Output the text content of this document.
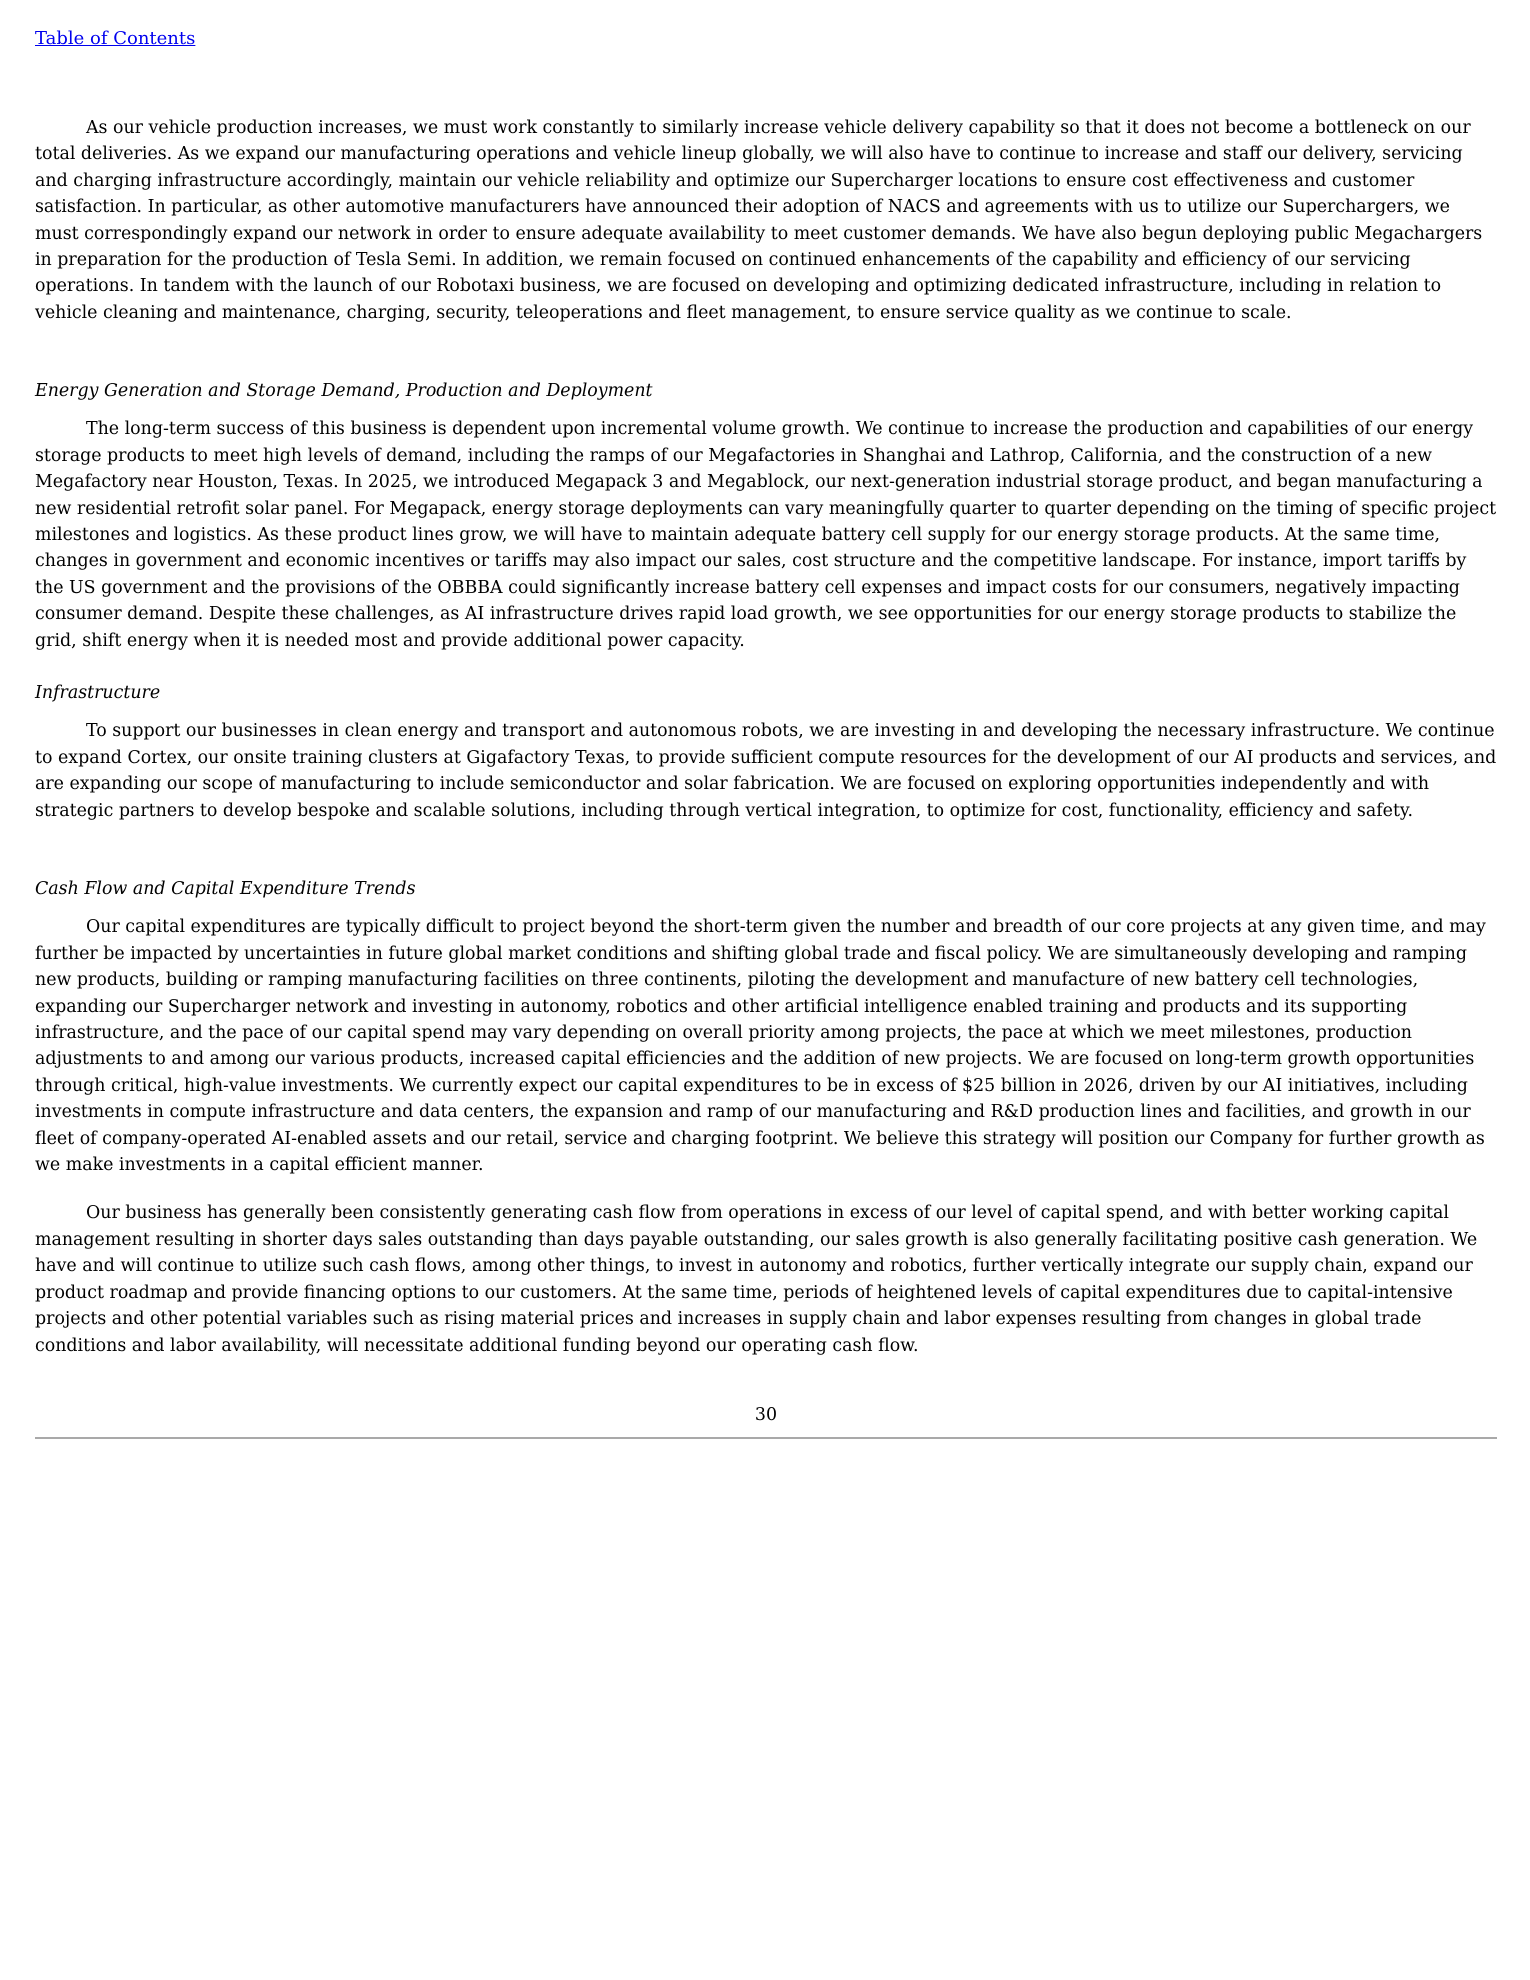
Table of Contents

As our vehicle production increases, we must work constantly to similarly increase vehicle delivery capability so that it does not become a bottleneck on our total deliveries. As we expand our manufacturing operations and vehicle lineup globally, we will also have to continue to increase and staff our delivery, servicing and charging infrastructure accordingly, maintain our vehicle reliability and optimize our Supercharger locations to ensure cost effectiveness and customer satisfaction. In particular, as other automotive manufacturers have announced their adoption of NACS and agreements with us to utilize our Superchargers, we must correspondingly expand our network in order to ensure adequate availability to meet customer demands. We have also begun deploying public Megachargers in preparation for the production of Tesla Semi. In addition, we remain focused on continued enhancements of the capability and efficiency of our servicing operations. In tandem with the launch of our Robotaxi business, we are focused on developing and optimizing dedicated infrastructure, including in relation to vehicle cleaning and maintenance, charging, security, teleoperations and fleet management, to ensure service quality as we continue to scale.

Energy Generation and Storage Demand, Production and Deployment

The long-term success of this business is dependent upon incremental volume growth. We continue to increase the production and capabilities of our energy storage products to meet high levels of demand, including the ramps of our Megafactories in Shanghai and Lathrop, California, and the construction of a new Megafactory near Houston, Texas. In 2025, we introduced Megapack 3 and Megablock, our next-generation industrial storage product, and began manufacturing a new residential retrofit solar panel. For Megapack, energy storage deployments can vary meaningfully quarter to quarter depending on the timing of specific project milestones and logistics. As these product lines grow, we will have to maintain adequate battery cell supply for our energy storage products. At the same time, changes in government and economic incentives or tariffs may also impact our sales, cost structure and the competitive landscape. For instance, import tariffs by the US government and the provisions of the OBBBA could significantly increase battery cell expenses and impact costs for our consumers, negatively impacting consumer demand. Despite these challenges, as AI infrastructure drives rapid load growth, we see opportunities for our energy storage products to stabilize the grid, shift energy when it is needed most and provide additional power capacity.

Infrastructure

To support our businesses in clean energy and transport and autonomous robots, we are investing in and developing the necessary infrastructure. We continue to expand Cortex, our onsite training clusters at Gigafactory Texas, to provide sufficient compute resources for the development of our AI products and services, and are expanding our scope of manufacturing to include semiconductor and solar fabrication. We are focused on exploring opportunities independently and with strategic partners to develop bespoke and scalable solutions, including through vertical integration, to optimize for cost, functionality, efficiency and safety.

Cash Flow and Capital Expenditure Trends

Our capital expenditures are typically difficult to project beyond the short-term given the number and breadth of our core projects at any given time, and may further be impacted by uncertainties in future global market conditions and shifting global trade and fiscal policy. We are simultaneously developing and ramping new products, building or ramping manufacturing facilities on three continents, piloting the development and manufacture of new battery cell technologies, expanding our Supercharger network and investing in autonomy, robotics and other artificial intelligence enabled training and products and its supporting infrastructure, and the pace of our capital spend may vary depending on overall priority among projects, the pace at which we meet milestones, production adjustments to and among our various products, increased capital efficiencies and the addition of new projects. We are focused on long-term growth opportunities through critical, high-value investments. We currently expect our capital expenditures to be in excess of $25 billion in 2026, driven by our AI initiatives, including investments in compute infrastructure and data centers, the expansion and ramp of our manufacturing and R&D production lines and facilities, and growth in our fleet of company-operated AI-enabled assets and our retail, service and charging footprint. We believe this strategy will position our Company for further growth as we make investments in a capital efficient manner.

Our business has generally been consistently generating cash flow from operations in excess of our level of capital spend, and with better working capital management resulting in shorter days sales outstanding than days payable outstanding, our sales growth is also generally facilitating positive cash generation. We have and will continue to utilize such cash flows, among other things, to invest in autonomy and robotics, further vertically integrate our supply chain, expand our product roadmap and provide financing options to our customers. At the same time, periods of heightened levels of capital expenditures due to capital-intensive projects and other potential variables such as rising material prices and increases in supply chain and labor expenses resulting from changes in global trade conditions and labor availability, will necessitate additional funding beyond our operating cash flow.

30
